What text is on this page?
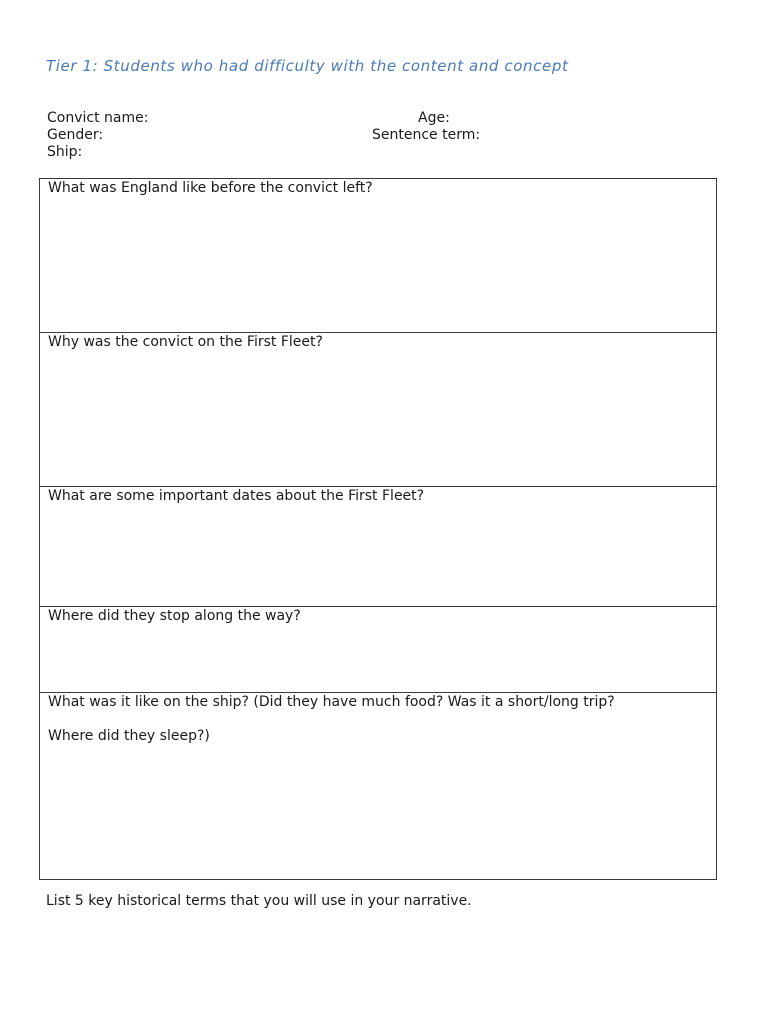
Tier 1: Students who had difficulty with the content and concept
Convict name:	Age:
Gender:	Sentence term:
Ship:
What was England like before the convict left?
Why was the convict on the First Fleet?
What are some important dates about the First Fleet?
Where did they stop along the way?
What was it like on the ship? (Did they have much food? Was it a short/long trip?
Where did they sleep?)
List 5 key historical terms that you will use in your narrative.
